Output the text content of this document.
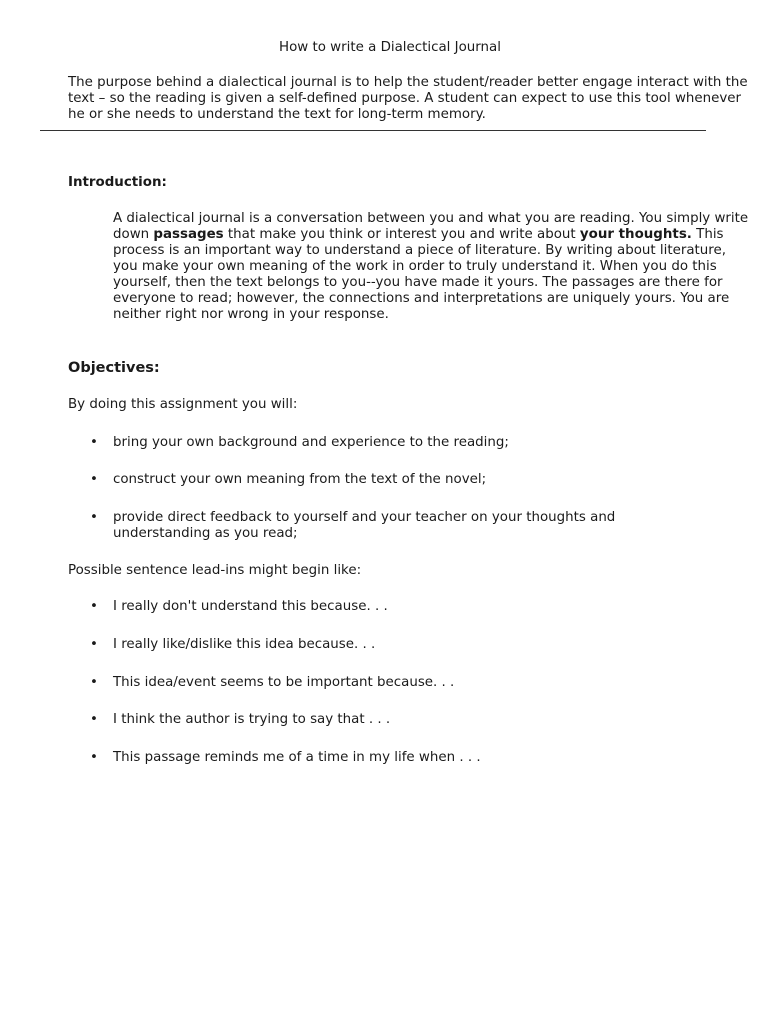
How to write a Dialectical Journal

The purpose behind a dialectical journal is to help the student/reader better engage interact with the text – so the reading is given a self-defined purpose. A student can expect to use this tool whenever he or she needs to understand the text for long-term memory.

Introduction:

A dialectical journal is a conversation between you and what you are reading. You simply write down passages that make you think or interest you and write about your thoughts. This process is an important way to understand a piece of literature. By writing about literature, you make your own meaning of the work in order to truly understand it. When you do this yourself, then the text belongs to you--you have made it yours. The passages are there for everyone to read; however, the connections and interpretations are uniquely yours. You are neither right nor wrong in your response.

Objectives:

By doing this assignment you will:

•	bring your own background and experience to the reading;
•	construct your own meaning from the text of the novel;
•	provide direct feedback to yourself and your teacher on your thoughts and understanding as you read;

Possible sentence lead-ins might begin like:

•	I really don't understand this because. . .
•	I really like/dislike this idea because. . .
•	This idea/event seems to be important because. . .
•	I think the author is trying to say that . . .
•	This passage reminds me of a time in my life when . . .
